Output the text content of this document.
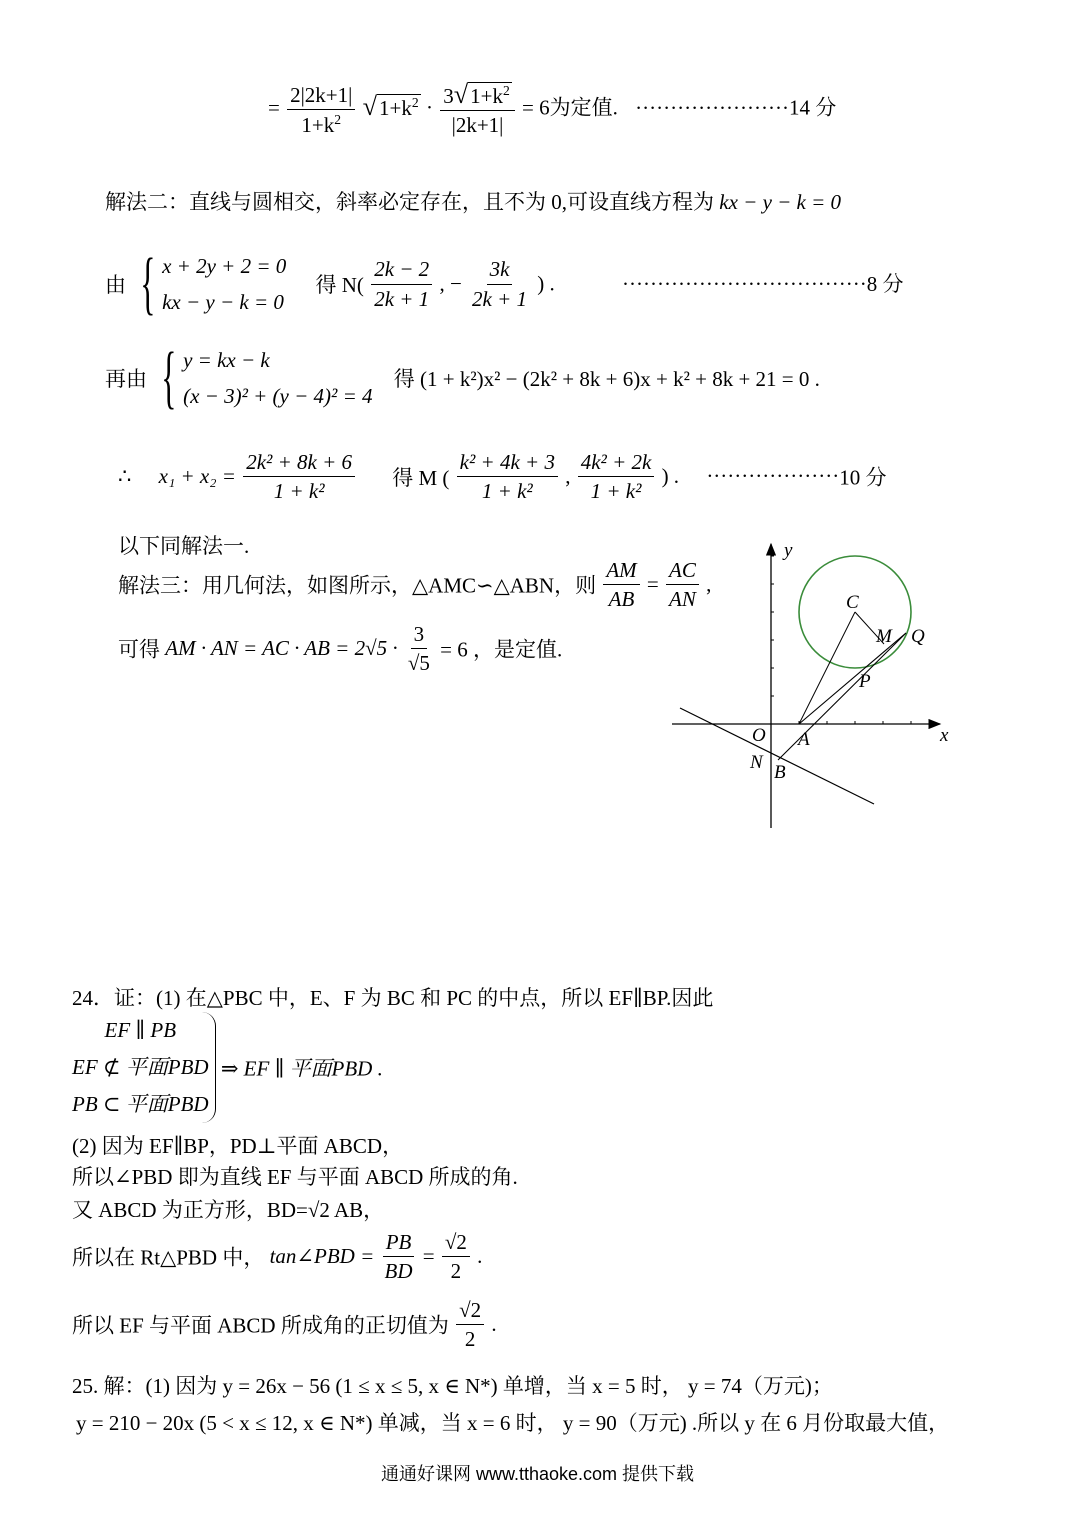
= $\frac{2|2k+1|}{1+k^2}$
√ $1+k^2 \cdot \frac{3 √ 1+k^2}{|2k+1|} = 6$为定值. ······················14 分
解法二：直线与圆相交，斜率必定存在，且不为 0,可设直线方程为 kx − y − k = 0
由 { x + 2y + 2 = 0
kx − y − k = 0
得 $N( \frac{2k - 2}{2k + 1}$ , − $\frac{3k}{2k + 1}$ ) .	···································8 分
再由 { y = kx − k
(x − 3)² + (y − 4)² = 4
得 (1 + k²)x² − (2k² + 8k + 6)x + k² + 8k + 21 = 0 .
∴ $x_1 + x_2 = \frac{\text{2k² + 8k + 6}}{\text{1 + k²}}$ 得 M ( $\frac{\text{k² + 4k + 3}}{\text{1 + k²}}$ , $\frac{\text{4k² + 2k}}{\text{1 + k²}}$ ) . ···················10 分
以下同解法一.
解法三：用几何法，如图所示，△AMC∽△ABN，则 $\frac{AM}{AB} = \frac{AC}{AN}$ ,
可得 AM · AN = AC · AB = $2√5 \cdot \frac{3}{√5} = 6$ ，是定值.
y
x
C
M Q
P
O A
N B
24．证：(1) 在△PBC 中，E、F 为 BC 和 PC 的中点，所以 EF∥BP.因此
EF ∥ PB
EF ⊄ 平面PBD
PB ⊂ 平面PBD
⇒ EF ∥ 平面PBD .
(2) 因为 EF∥BP，PD⊥平面 ABCD，
所以∠PBD 即为直线 EF 与平面 ABCD 所成的角.
又 ABCD 为正方形，BD=√2 AB，
所以在 Rt△PBD 中， tan∠PBD = $\frac{PB}{BD} = \frac{√2}{2}$ .
所以 EF 与平面 ABCD 所成角的正切值为 $\frac{√2}{2}$ .
25. 解：(1) 因为 y = 26x − 56 (1 ≤ x ≤ 5, x ∈ N*) 单增，当 x = 5 时， y = 74（万元)；
y = 210 − 20x (5 < x ≤ 12, x ∈ N*) 单减，当 x = 6 时， y = 90（万元) .所以 y 在 6 月份取最大值，
通通好课网 www.tthaoke.com 提供下载
